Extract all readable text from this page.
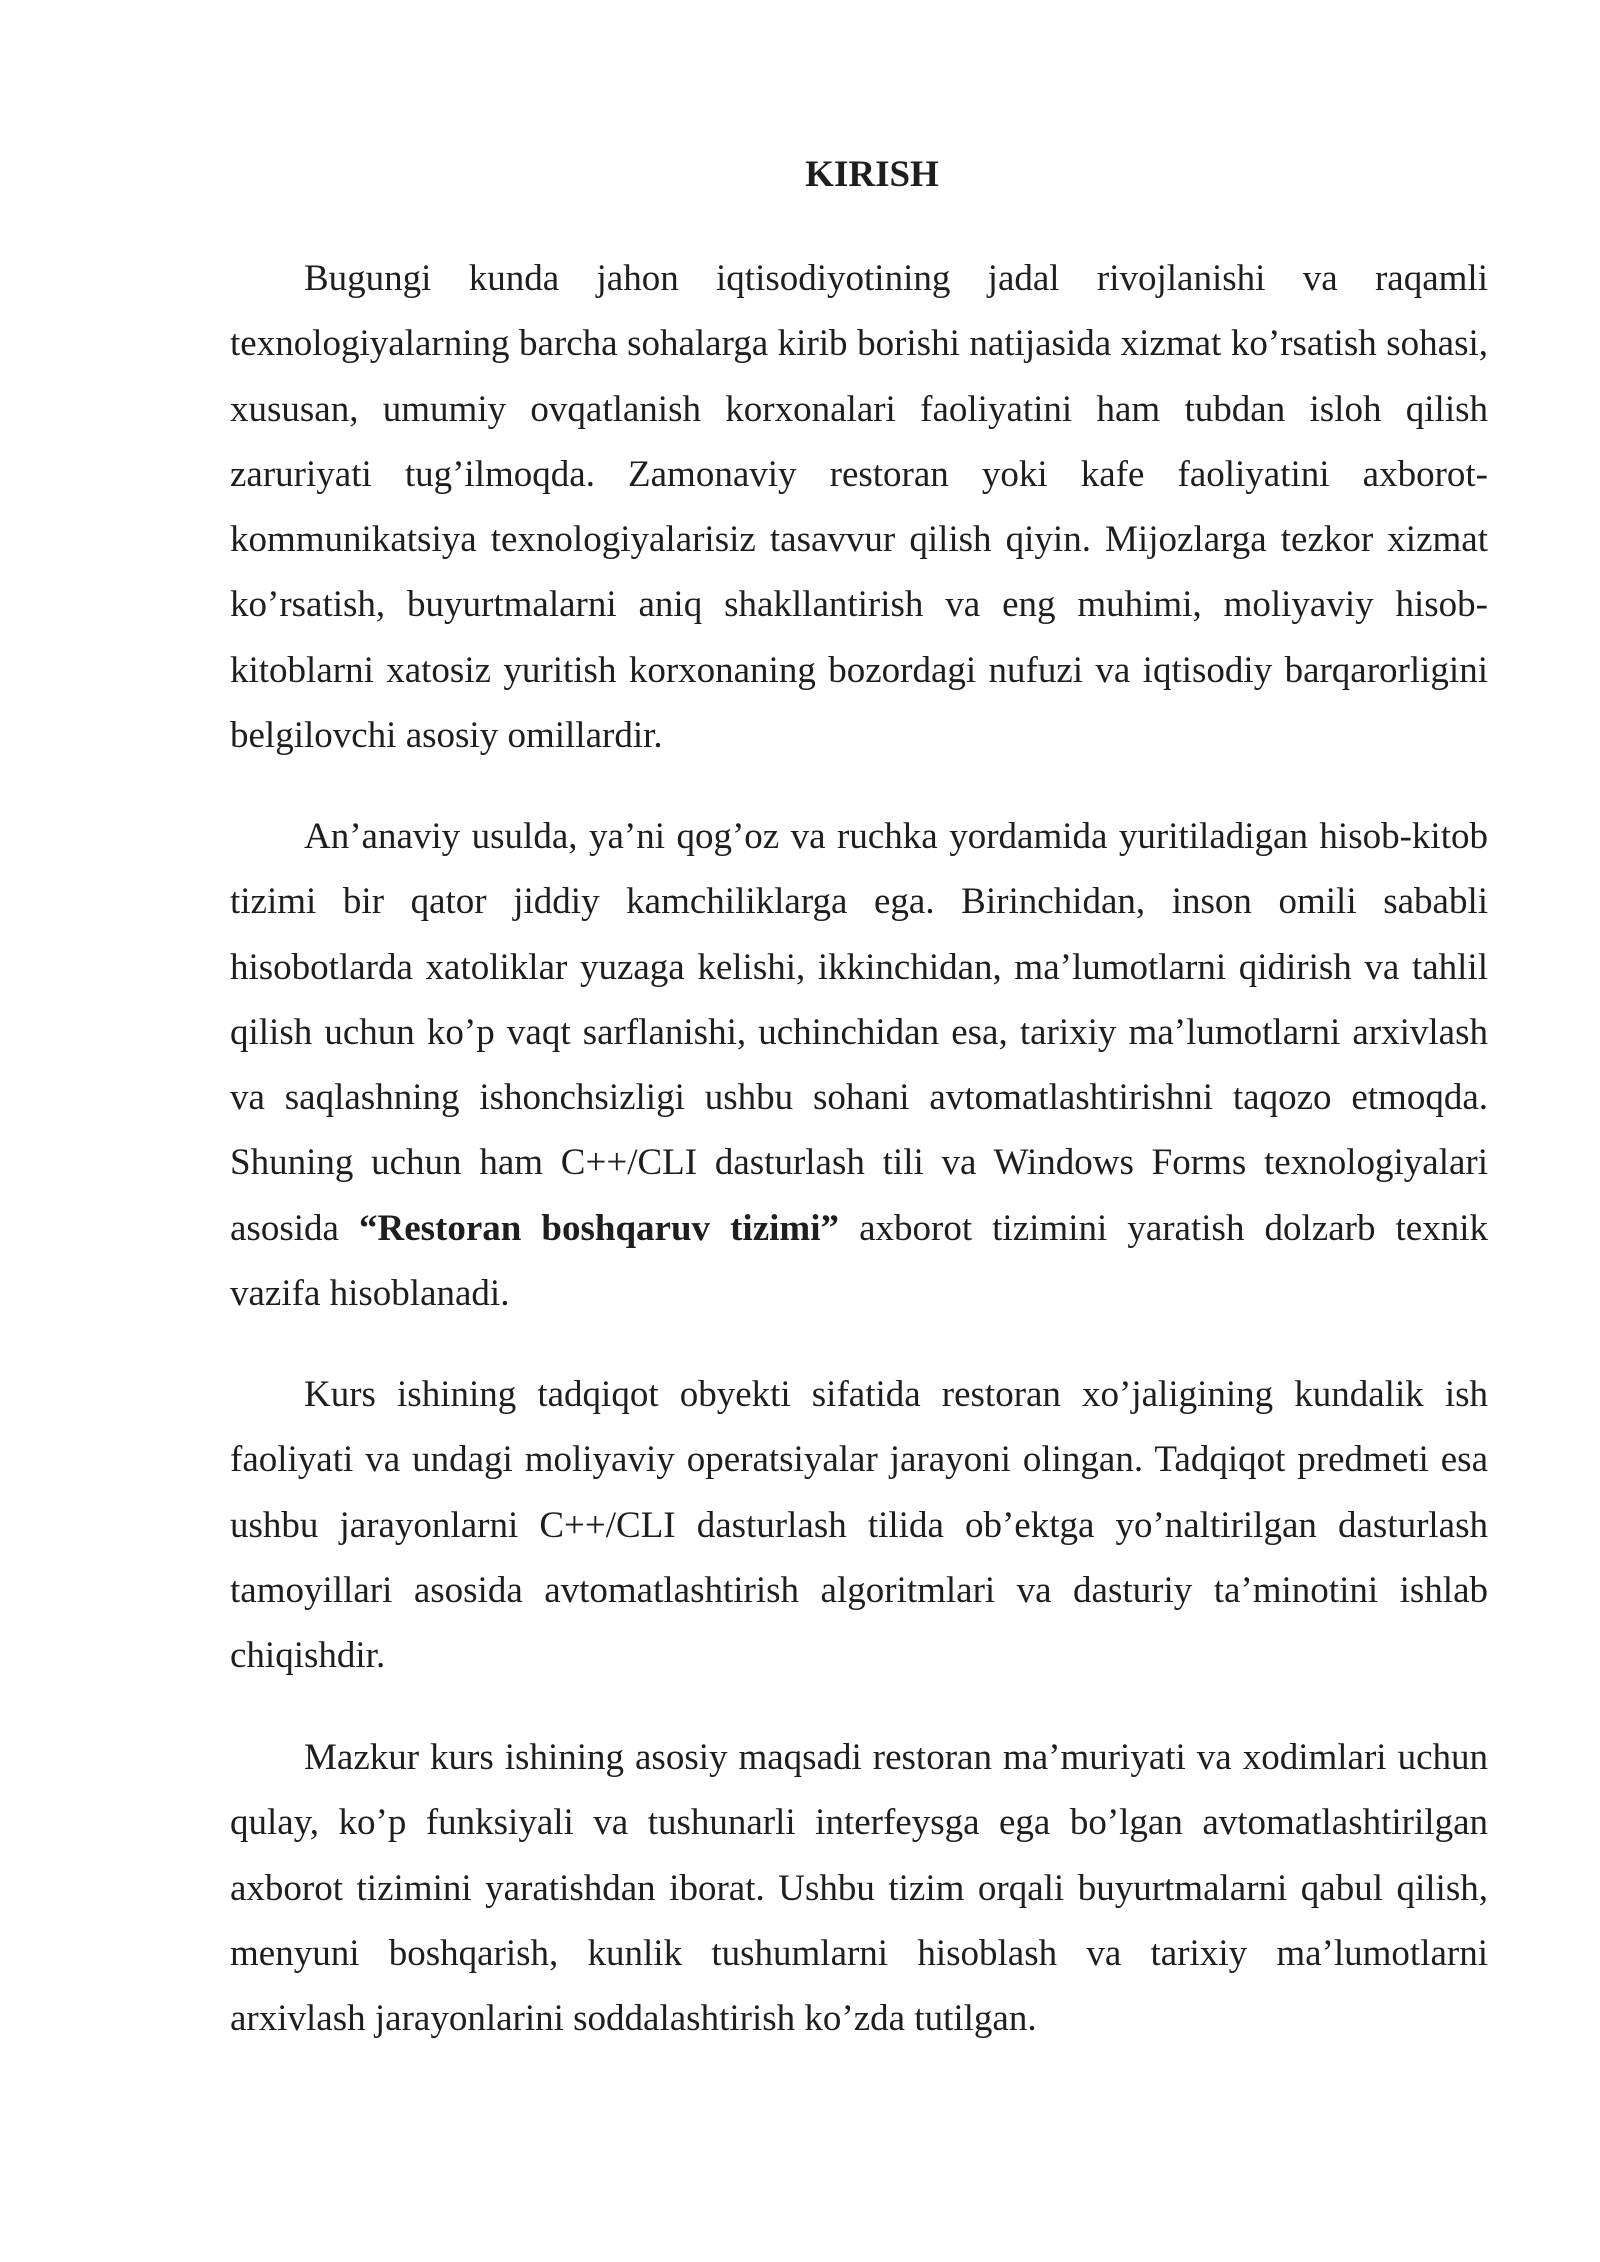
KIRISH

Bugungi kunda jahon iqtisodiyotining jadal rivojlanishi va raqamli texnologiyalarning barcha sohalarga kirib borishi natijasida xizmat ko’rsatish sohasi, xususan, umumiy ovqatlanish korxonalari faoliyatini ham tubdan isloh qilish zaruriyati tug’ilmoqda. Zamonaviy restoran yoki kafe faoliyatini axborot-kommunikatsiya texnologiyalarisiz tasavvur qilish qiyin. Mijozlarga tezkor xizmat ko’rsatish, buyurtmalarni aniq shakllantirish va eng muhimi, moliyaviy hisob-kitoblarni xatosiz yuritish korxonaning bozordagi nufuzi va iqtisodiy barqarorligini belgilovchi asosiy omillardir.

An’anaviy usulda, ya’ni qog’oz va ruchka yordamida yuritiladigan hisob-kitob tizimi bir qator jiddiy kamchiliklarga ega. Birinchidan, inson omili sababli hisobotlarda xatoliklar yuzaga kelishi, ikkinchidan, ma’lumotlarni qidirish va tahlil qilish uchun ko’p vaqt sarflanishi, uchinchidan esa, tarixiy ma’lumotlarni arxivlash va saqlashning ishonchsizligi ushbu sohani avtomatlashtirishni taqozo etmoqda. Shuning uchun ham C++/CLI dasturlash tili va Windows Forms texnologiyalari asosida “Restoran boshqaruv tizimi” axborot tizimini yaratish dolzarb texnik vazifa hisoblanadi.

Kurs ishining tadqiqot obyekti sifatida restoran xo’jaligining kundalik ish faoliyati va undagi moliyaviy operatsiyalar jarayoni olingan. Tadqiqot predmeti esa ushbu jarayonlarni C++/CLI dasturlash tilida ob’ektga yo’naltirilgan dasturlash tamoyillari asosida avtomatlashtirish algoritmlari va dasturiy ta’minotini ishlab chiqishdir.

Mazkur kurs ishining asosiy maqsadi restoran ma’muriyati va xodimlari uchun qulay, ko’p funksiyali va tushunarli interfeysga ega bo’lgan avtomatlashtirilgan axborot tizimini yaratishdan iborat. Ushbu tizim orqali buyurtmalarni qabul qilish, menyuni boshqarish, kunlik tushumlarni hisoblash va tarixiy ma’lumotlarni arxivlash jarayonlarini soddalashtirish ko’zda tutilgan.
